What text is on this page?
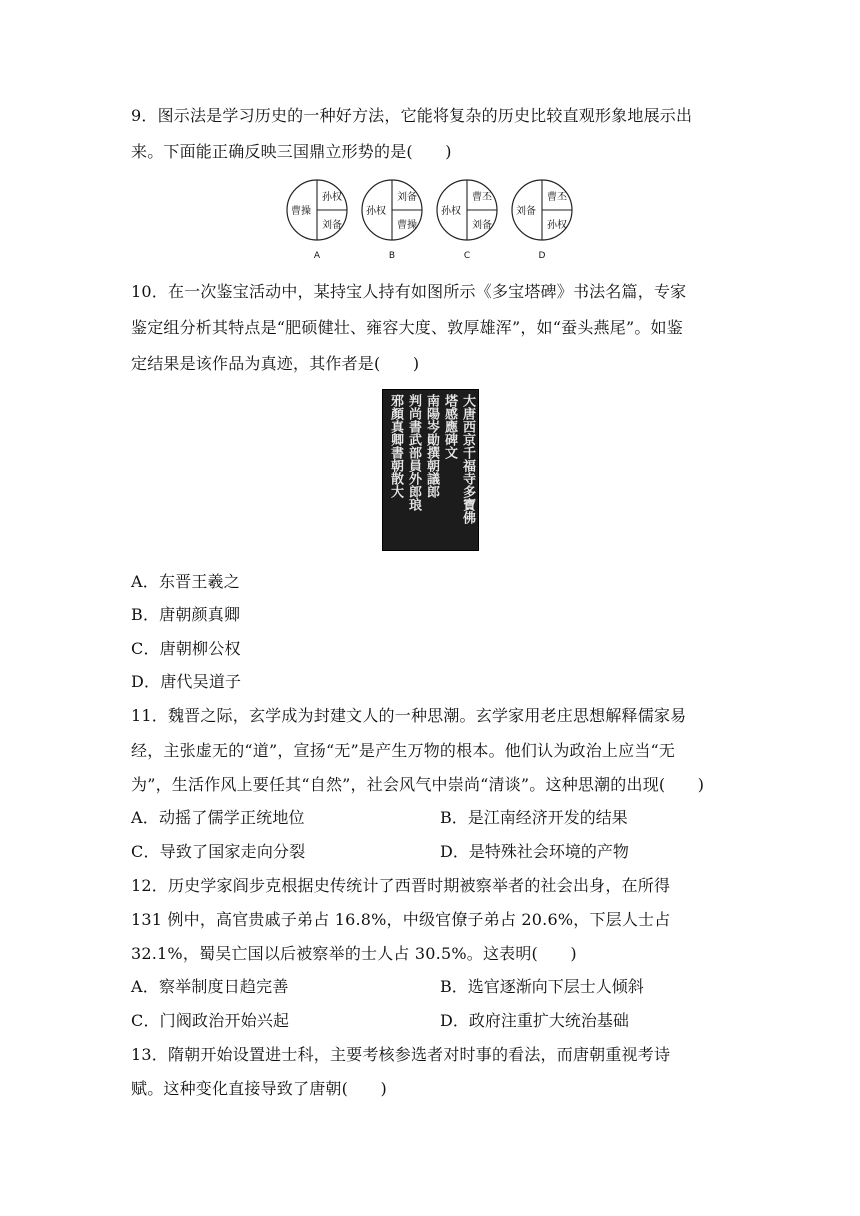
9．图示法是学习历史的一种好方法，它能将复杂的历史比较直观形象地展示出
来。下面能正确反映三国鼎立形势的是(　　)
曹操
孙权
刘备
A
孙权
刘备
曹操
B
孙权
曹丕
刘备
C
刘备
曹丕
孙权
D
10．在一次鉴宝活动中，某持宝人持有如图所示《多宝塔碑》书法名篇，专家
鉴定组分析其特点是“肥硕健壮、雍容大度、敦厚雄浑”，如“蚕头燕尾”。如鉴
定结果是该作品为真迹，其作者是(　　)
大唐西京千福寺多寶佛
塔感應碑文
南陽岑勛撰朝議郎
判尚書武部員外郎琅
邪顏真卿書朝散大
A．东晋王羲之
B．唐朝颜真卿
C．唐朝柳公权
D．唐代吴道子
11．魏晋之际，玄学成为封建文人的一种思潮。玄学家用老庄思想解释儒家易
经，主张虚无的“道”，宣扬“无”是产生万物的根本。他们认为政治上应当“无
为”，生活作风上要任其“自然”，社会风气中崇尚“清谈”。这种思潮的出现(　　)
A．动摇了儒学正统地位	B．是江南经济开发的结果
C．导致了国家走向分裂	D．是特殊社会环境的产物
12．历史学家阎步克根据史传统计了西晋时期被察举者的社会出身，在所得
131 例中，高官贵戚子弟占 16.8%，中级官僚子弟占 20.6%，下层人士占
32.1%，蜀吴亡国以后被察举的士人占 30.5%。这表明(　　)
A．察举制度日趋完善	B．选官逐渐向下层士人倾斜
C．门阀政治开始兴起	D．政府注重扩大统治基础
13．隋朝开始设置进士科，主要考核参选者对时事的看法，而唐朝重视考诗
赋。这种变化直接导致了唐朝(　　)
